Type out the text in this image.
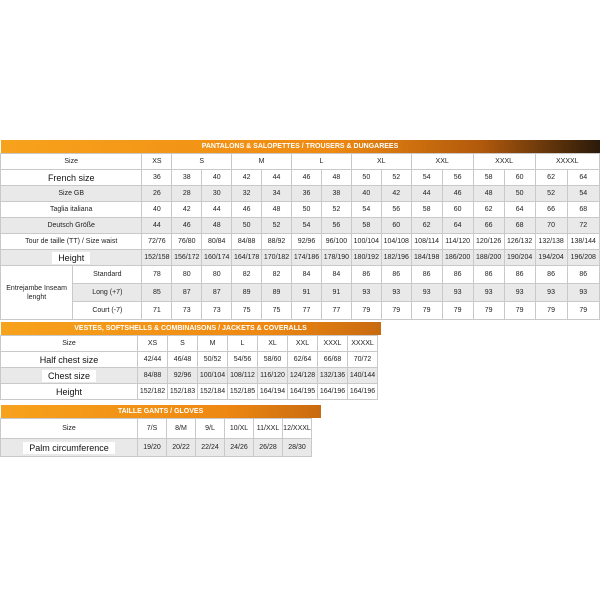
PANTALONS & SALOPETTES / TROUSERS & DUNGAREES																
Size		XS	S		M		L		XL		XXL		XXXL		XXXXL	
French size		36	38	40	42	44	46	48	50	52	54	56	58	60	62	64
Size GB		26	28	30	32	34	36	38	40	42	44	46	48	50	52	54
Taglia italiana		40	42	44	46	48	50	52	54	56	58	60	62	64	66	68
Deutsch Größe		44	46	48	50	52	54	56	58	60	62	64	66	68	70	72
Tour de taille (TT) / Size waist		72/76	76/80	80/84	84/88	88/92	92/96	96/100	100/104	104/108	108/114	114/120	120/126	126/132	132/138	138/144
Height		152/158	156/172	160/174	164/178	170/182	174/186	178/190	180/192	182/196	184/198	186/200	188/200	190/204	194/204	196/208
Entrejambe Inseam lenght	Standard	78	80	80	82	82	84	84	86	86	86	86	86	86	86	86
	Long (+7)	85	87	87	89	89	91	91	93	93	93	93	93	93	93	93
	Court (-7)	71	73	73	75	75	77	77	79	79	79	79	79	79	79	79
VESTES, SOFTSHELLS & COMBINAISONS / JACKETS & COVERALLS									
Size	XS	S	M	L	XL	XXL	XXXL	XXXXL	
Half chest size	42/44	46/48	50/52	54/56	58/60	62/64	66/68	70/72	
Chest size	84/88	92/96	100/104	108/112	116/120	124/128	132/136	140/144	
Height	152/182	152/183	152/184	152/185	164/194	164/195	164/196	164/196	
TAILLE GANTS / GLOVES							
Size	7/S	8/M	9/L	10/XL	11/XXL	12/XXXL	
Palm circumference	19/20	20/22	22/24	24/26	26/28	28/30	
